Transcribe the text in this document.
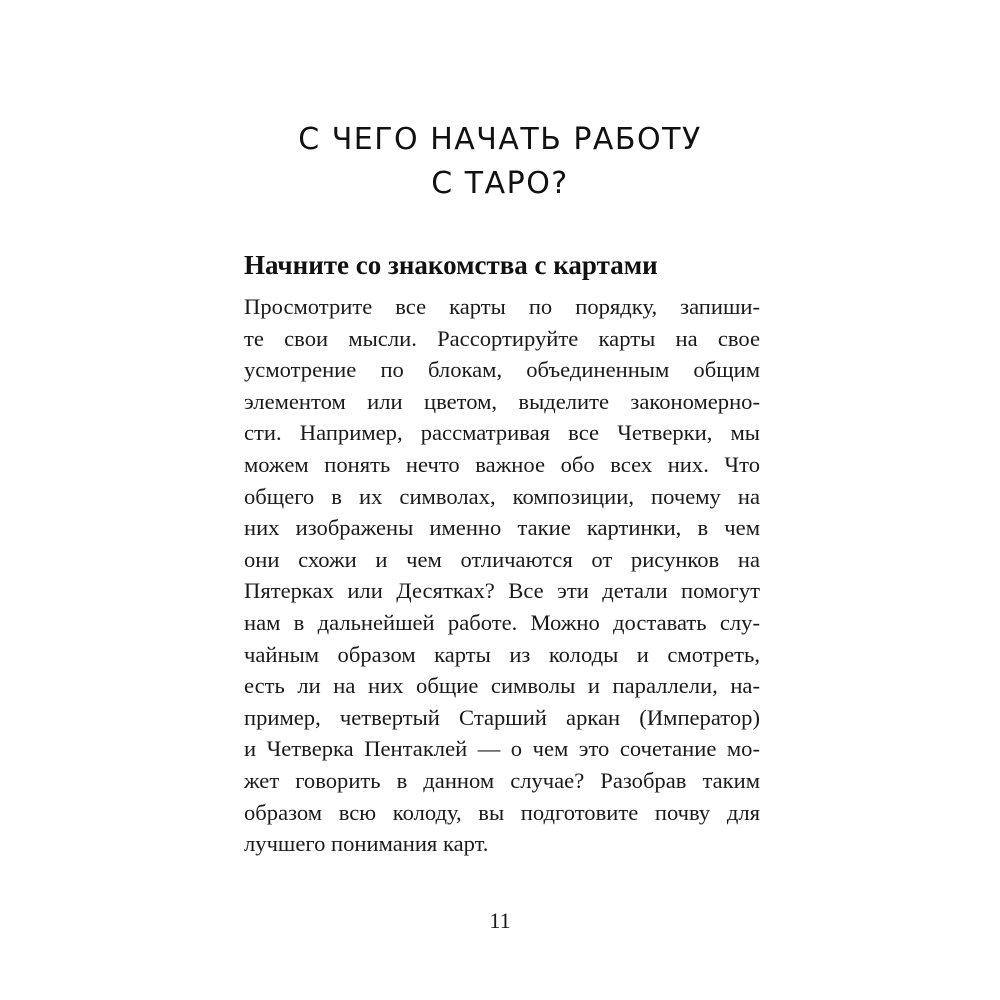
С ЧЕГО НАЧАТЬ РАБОТУ
С ТАРО?
Начните со знакомства с картами
Просмотрите все карты по порядку, запиши-
те свои мысли. Рассортируйте карты на свое
усмотрение по блокам, объединенным общим
элементом или цветом, выделите закономерно-
сти. Например, рассматривая все Четверки, мы
можем понять нечто важное обо всех них. Что
общего в их символах, композиции, почему на
них изображены именно такие картинки, в чем
они схожи и чем отличаются от рисунков на
Пятерках или Десятках? Все эти детали помогут
нам в дальнейшей работе. Можно доставать слу-
чайным образом карты из колоды и смотреть,
есть ли на них общие символы и параллели, на-
пример, четвертый Старший аркан (Император)
и Четверка Пентаклей — о чем это сочетание мо-
жет говорить в данном случае? Разобрав таким
образом всю колоду, вы подготовите почву для
лучшего понимания карт.
11
